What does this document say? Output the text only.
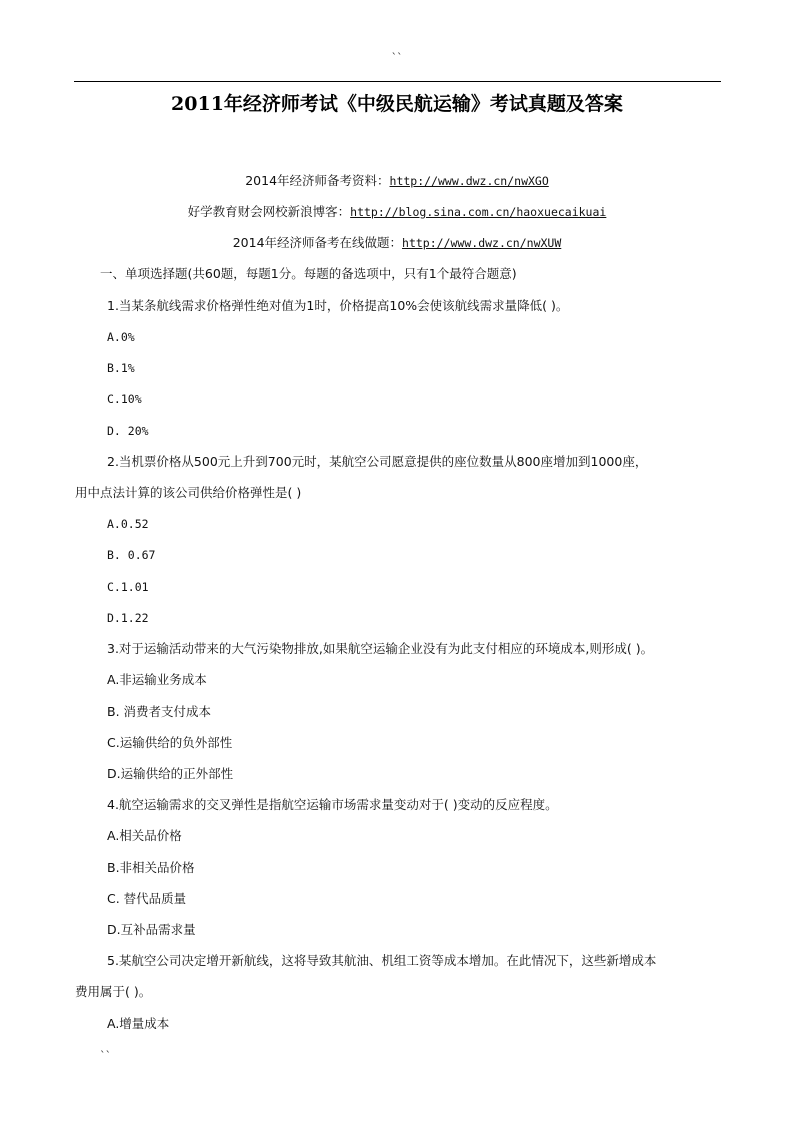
``
2011年经济师考试《中级民航运输》考试真题及答案
2014年经济师备考资料：http://www.dwz.cn/nwXGO
好学教育财会网校新浪博客：http://blog.sina.com.cn/haoxuecaikuai
2014年经济师备考在线做题：http://www.dwz.cn/nwXUW
一、单项选择题(共60题，每题1分。每题的备选项中，只有1个最符合题意)
1.当某条航线需求价格弹性绝对值为1时，价格提高10%会使该航线需求量降低( )。
A.0%
B.1%
C.10%
D. 20%
2.当机票价格从500元上升到700元时，某航空公司愿意提供的座位数量从800座增加到1000座，
用中点法计算的该公司供给价格弹性是( )
A.0.52
B. 0.67
C.1.01
D.1.22
3.对于运输活动带来的大气污染物排放,如果航空运输企业没有为此支付相应的环境成本,则形成( )。
A.非运输业务成本
B. 消费者支付成本
C.运输供给的负外部性
D.运输供给的正外部性
4.航空运输需求的交叉弹性是指航空运输市场需求量变动对于( )变动的反应程度。
A.相关品价格
B.非相关品价格
C. 替代品质量
D.互补品需求量
5.某航空公司决定增开新航线，这将导致其航油、机组工资等成本增加。在此情况下，这些新增成本
费用属于( )。
A.增量成本
``
